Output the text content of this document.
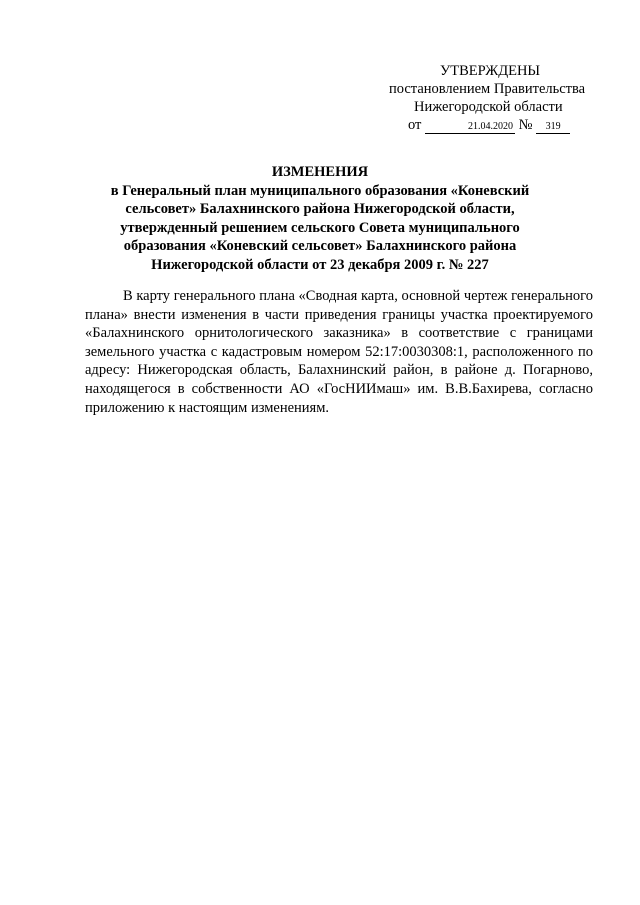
УТВЕРЖДЕНЫ
постановлением Правительства
Нижегородской области
от	21.04.2020 № 319
ИЗМЕНЕНИЯ
в Генеральный план муниципального образования «Коневский сельсовет» Балахнинского района Нижегородской области, утвержденный решением сельского Совета муниципального образования «Коневский сельсовет» Балахнинского района Нижегородской области от 23 декабря 2009 г. № 227

В карту генерального плана «Сводная карта, основной чертеж генерального плана» внести изменения в части приведения границы участка проектируемого «Балахнинского орнитологического заказника» в соответствие с границами земельного участка с кадастровым номером 52:17:0030308:1, расположенного по адресу: Нижегородская область, Балахнинский район, в районе д. Погарново, находящегося в собственности АО «ГосНИИмаш» им. В.В.Бахирева, согласно приложению к настоящим изменениям.
